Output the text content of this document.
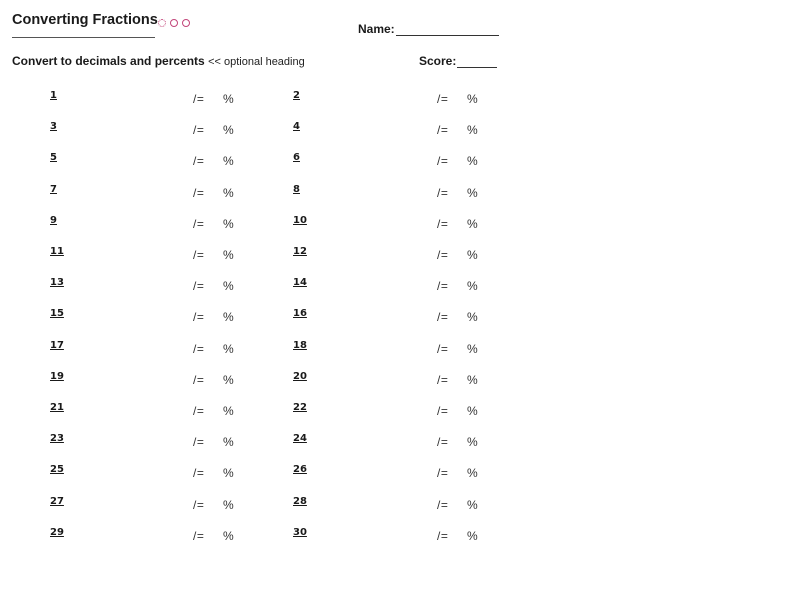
Converting Fractions
Name:
Convert to decimals and percents << optional heading	Score:
1	/= %	2	/= %
3	/= %	4	/= %
5	/= %	6	/= %
7	/= %	8	/= %
9	/= %	10	/= %
11	/= %	12	/= %
13	/= %	14	/= %
15	/= %	16	/= %
17	/= %	18	/= %
19	/= %	20	/= %
21	/= %	22	/= %
23	/= %	24	/= %
25	/= %	26	/= %
27	/= %	28	/= %
29	/= %	30	/= %
